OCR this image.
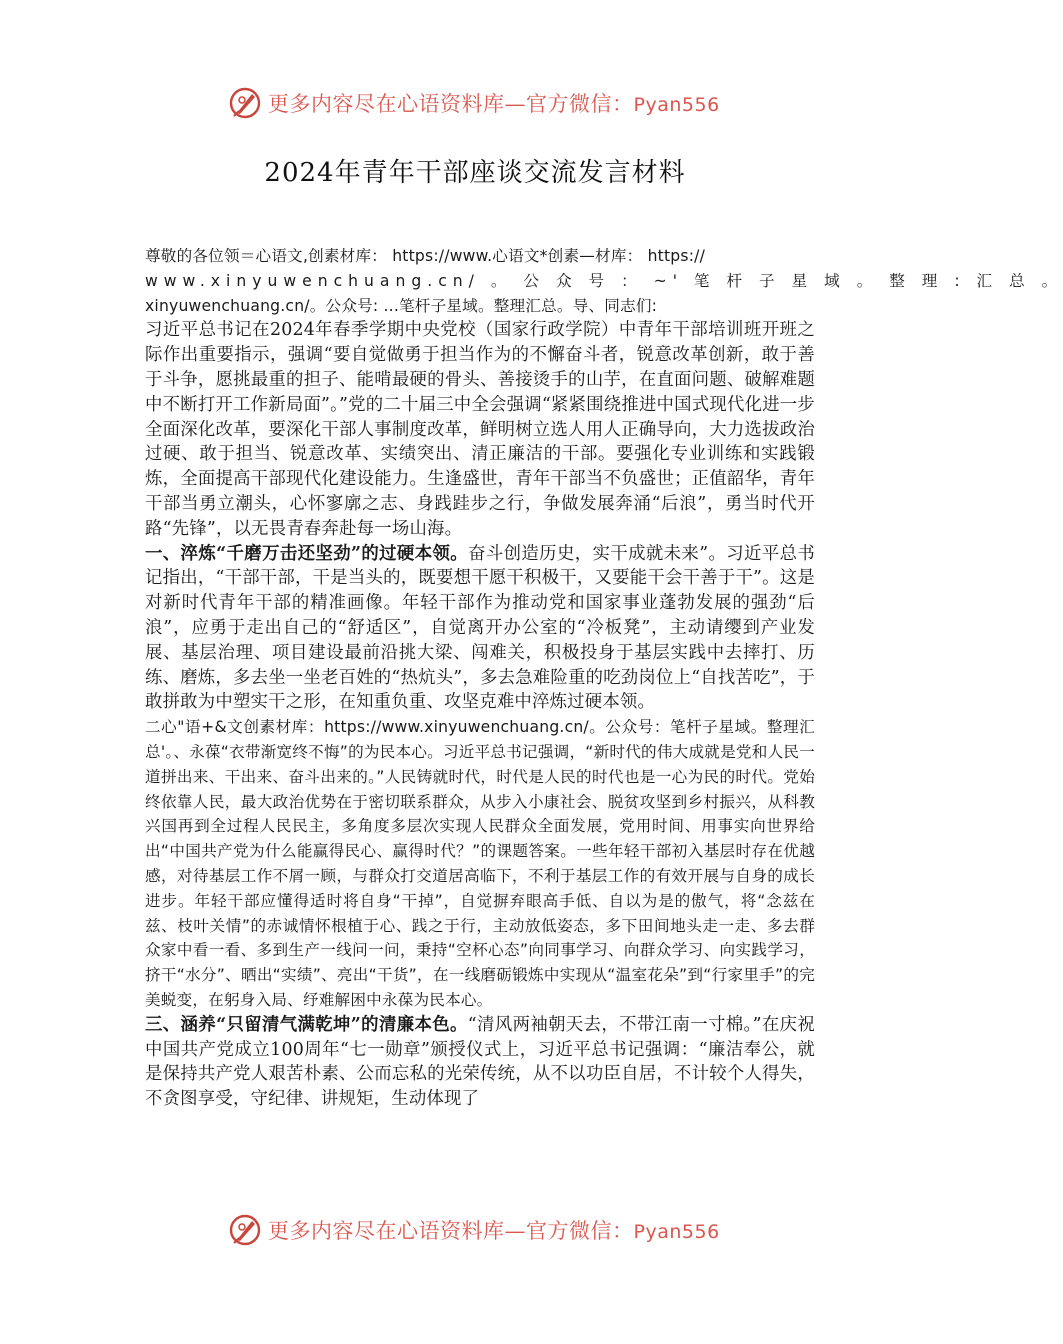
更多内容尽在心语资料库—官方微信：Pyan556
2024年青年干部座谈交流发言材料

尊敬的各位领＝心语文,创素材库： https://www.心语文*创素—材库： https://

www.xinyuwenchuang.cn/ 。 公 众 号 ： ~' 笔 杆 子 星 域 。 整 理 : 汇 总 。

xinyuwenchuang.cn/。公众号: ...笔杆子星域。整理汇总。导、同志们:

习近平总书记在2024年春季学期中央党校（国家行政学院）中青年干部培训班开班之际作出重要指示，强调“要自觉做勇于担当作为的不懈奋斗者，锐意改革创新，敢于善于斗争，愿挑最重的担子、能啃最硬的骨头、善接烫手的山芋，在直面问题、破解难题中不断打开工作新局面”。”党的二十届三中全会强调“紧紧围绕推进中国式现代化进一步全面深化改革，要深化干部人事制度改革，鲜明树立选人用人正确导向，大力选拔政治过硬、敢于担当、锐意改革、实绩突出、清正廉洁的干部。要强化专业训练和实践锻炼，全面提高干部现代化建设能力。生逢盛世，青年干部当不负盛世；正值韶华，青年干部当勇立潮头，心怀寥廓之志、身践跬步之行，争做发展奔涌“后浪”，勇当时代开路“先锋”，以无畏青春奔赴每一场山海。

一、淬炼“千磨万击还坚劲”的过硬本领。奋斗创造历史，实干成就未来”。习近平总书记指出，“干部干部，干是当头的，既要想干愿干积极干，又要能干会干善于干”。这是对新时代青年干部的精准画像。年轻干部作为推动党和国家事业蓬勃发展的强劲“后浪”，应勇于走出自己的“舒适区”，自觉离开办公室的“冷板凳”，主动请缨到产业发展、基层治理、项目建设最前沿挑大梁、闯难关，积极投身于基层实践中去摔打、历练、磨炼，多去坐一坐老百姓的“热炕头”，多去急难险重的吃劲岗位上“自找苦吃”，于敢拼敢为中塑实干之形，在知重负重、攻坚克难中淬炼过硬本领。

二心"语+&文创素材库：https://www.xinyuwenchuang.cn/。公众号：笔杆子星域。整理汇总'。、永葆“衣带渐宽终不悔”的为民本心。习近平总书记强调，“新时代的伟大成就是党和人民一道拼出来、干出来、奋斗出来的。”人民铸就时代，时代是人民的时代也是一心为民的时代。党始终依靠人民，最大政治优势在于密切联系群众，从步入小康社会、脱贫攻坚到乡村振兴，从科教兴国再到全过程人民民主，多角度多层次实现人民群众全面发展，党用时间、用事实向世界给出“中国共产党为什么能赢得民心、赢得时代？”的课题答案。一些年轻干部初入基层时存在优越感，对待基层工作不屑一顾，与群众打交道居高临下，不利于基层工作的有效开展与自身的成长进步。年轻干部应懂得适时将自身“干掉”，自觉摒弃眼高手低、自以为是的傲气，将“念兹在兹、枝叶关情”的赤诚情怀根植于心、践之于行，主动放低姿态，多下田间地头走一走、多去群众家中看一看、多到生产一线问一问，秉持“空杯心态”向同事学习、向群众学习、向实践学习，挤干“水分”、晒出“实绩”、亮出“干货”，在一线磨砺锻炼中实现从“温室花朵”到“行家里手”的完美蜕变，在躬身入局、纾难解困中永葆为民本心。

三、涵养“只留清气满乾坤”的清廉本色。“清风两袖朝天去，不带江南一寸棉。”在庆祝中国共产党成立100周年“七一勋章”颁授仪式上，习近平总书记强调：“廉洁奉公，就是保持共产党人艰苦朴素、公而忘私的光荣传统，从不以功臣自居，不计较个人得失，不贪图享受，守纪律、讲规矩，生动体现了

更多内容尽在心语资料库—官方微信：Pyan556
